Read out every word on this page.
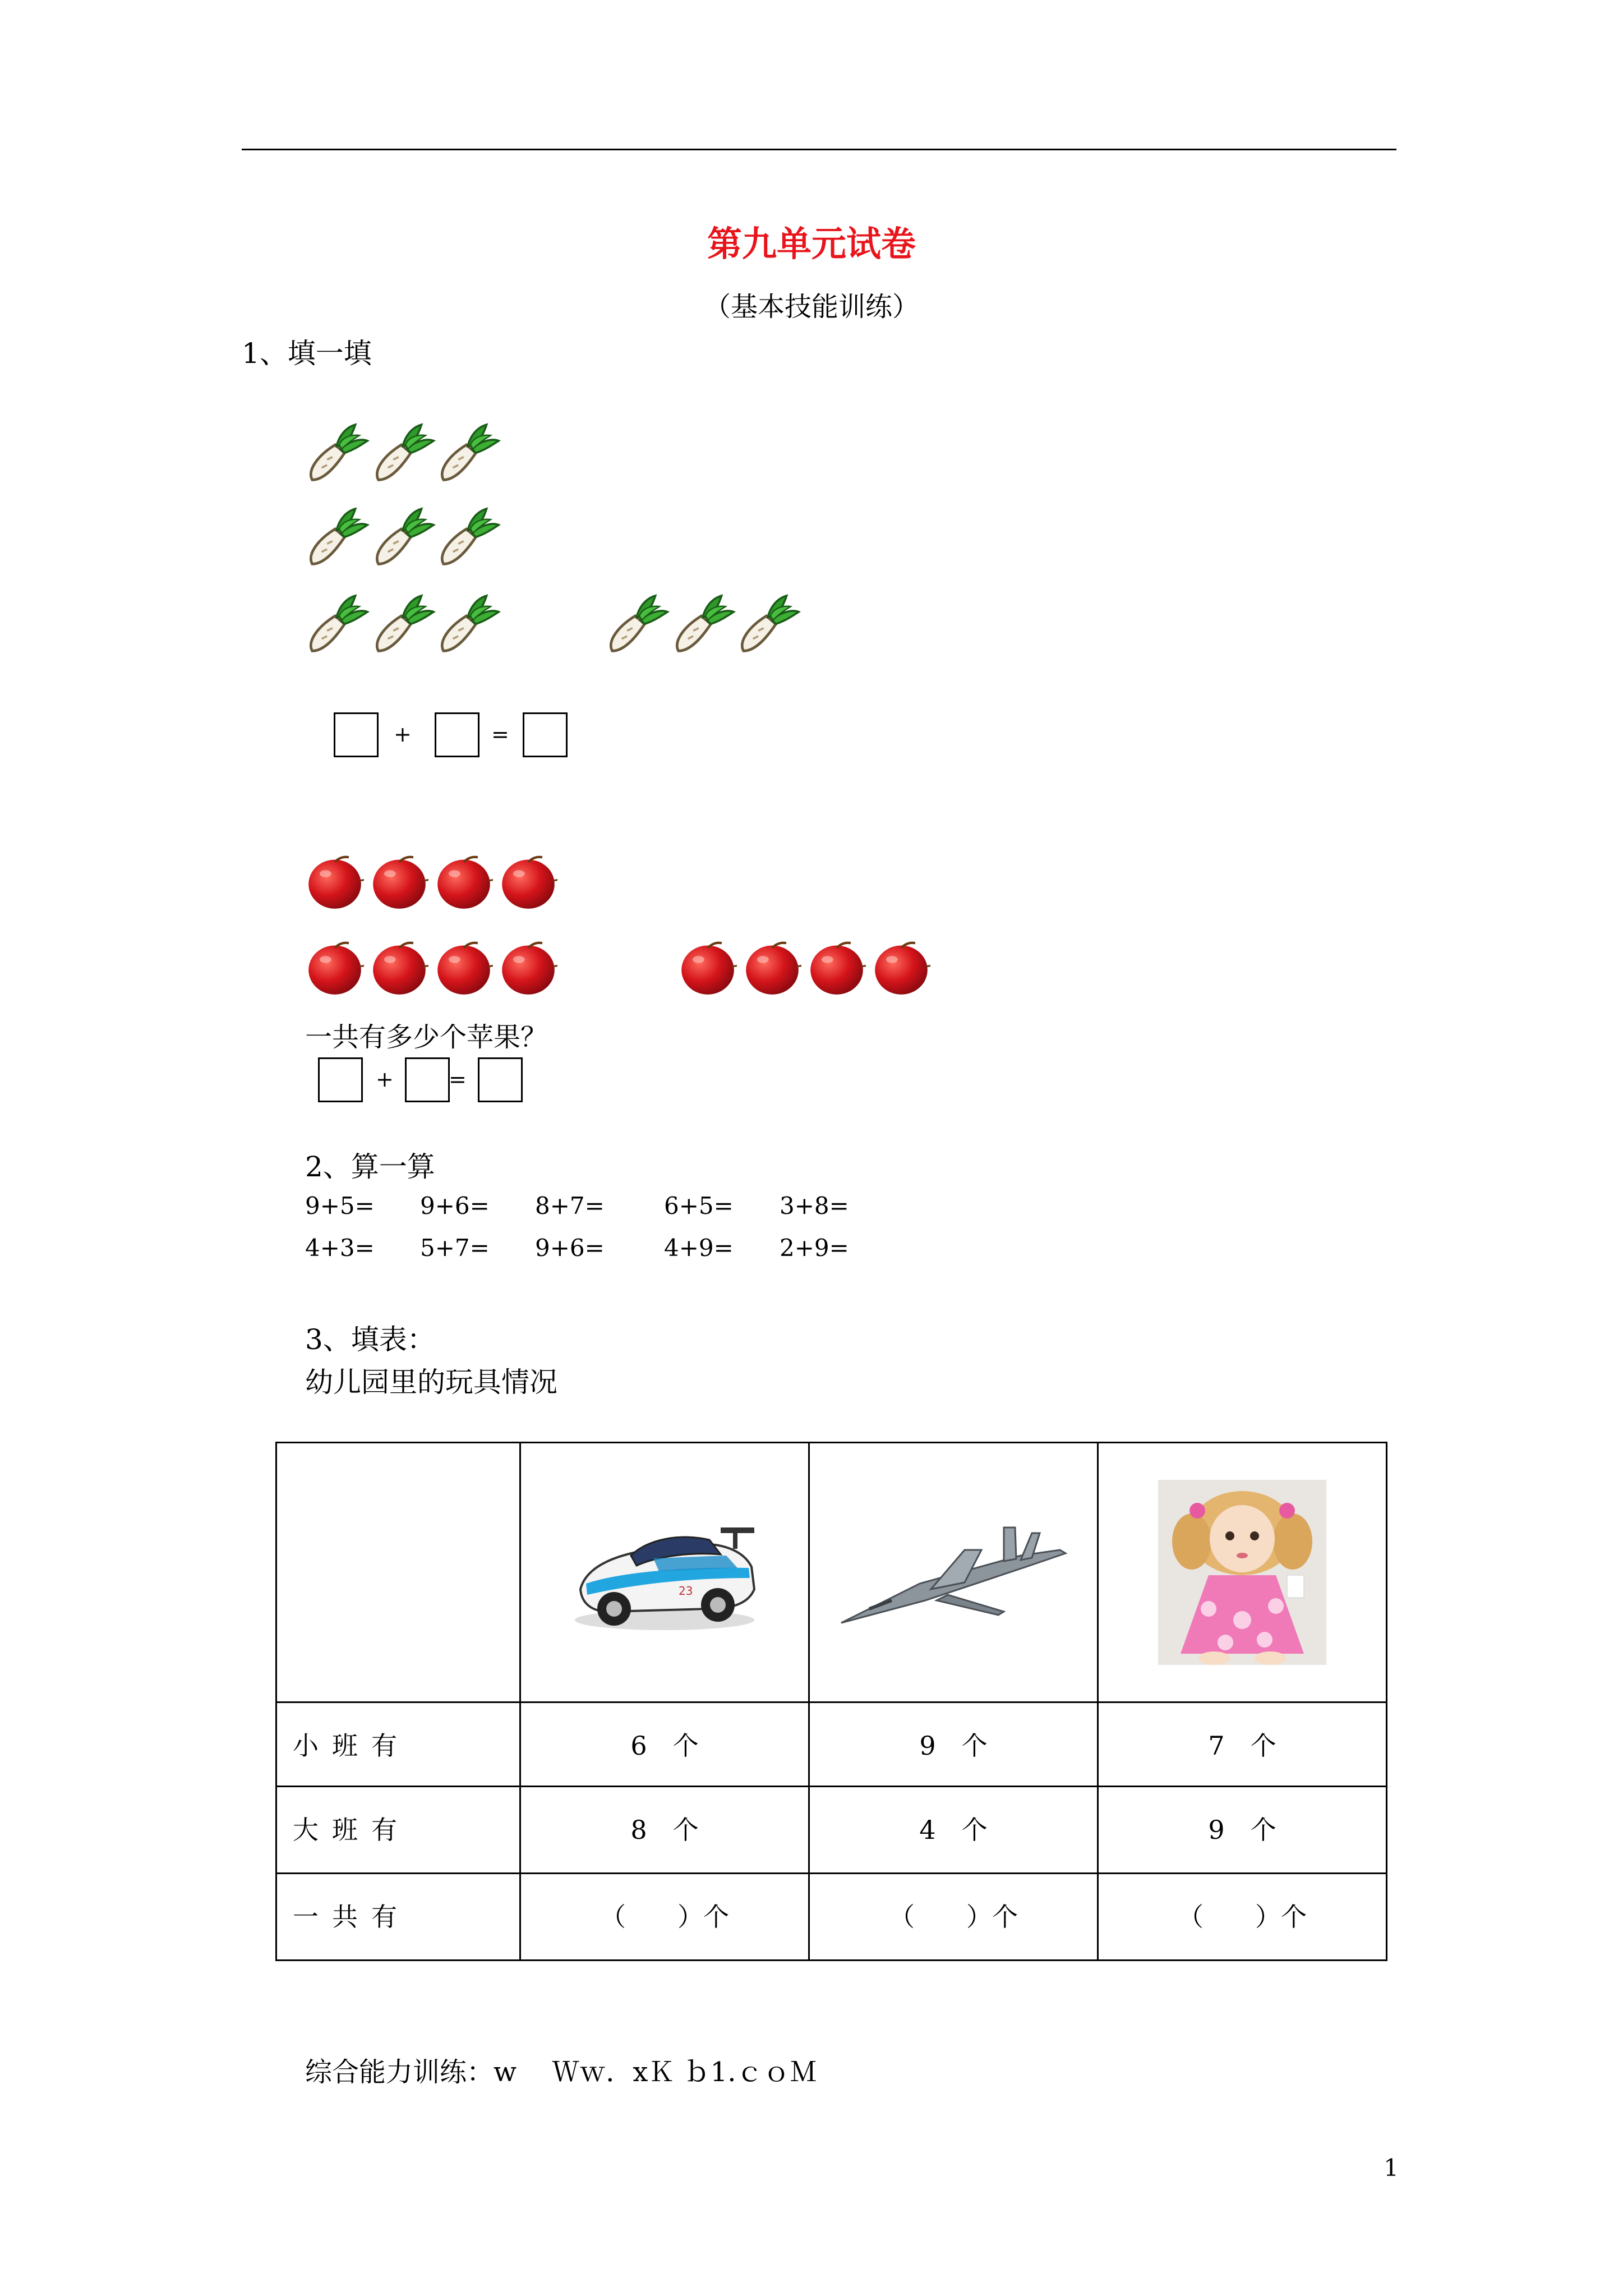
第九单元试卷
（基本技能训练）
1、填一填
+	=
一共有多少个苹果？
+	=
2、算一算
9+5= 9+6= 8+7=	6+5= 3+8=
4+3= 5+7= 9+6=	4+9= 2+9=
3、填表：
幼儿园里的玩具情况

23

小班有	6　个	9　个	7　个

大班有	8　个	4　个	9　个

一共有	（　　）个	（　　）个	（　　）个
综合能力训练：w　 Ｗｗ．xＫ ｂ1.ｃｏＭ
1
